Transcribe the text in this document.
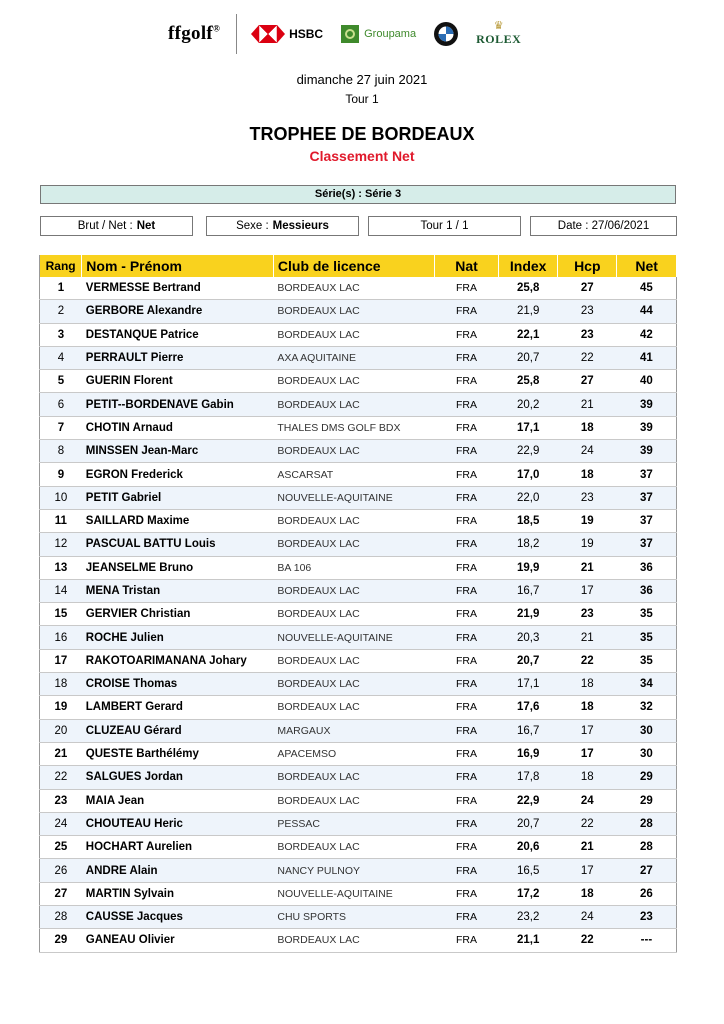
ffgolf®	HSBC	Groupama
♛
ROLEX
dimanche 27 juin 2021
Tour 1
TROPHEE DE BORDEAUX
Classement Net
Série(s) : Série 3
Brut / Net : Net	Sexe : Messieurs	Tour 1 / 1	Date : 27/06/2021
Rang	Nom - Prénom	Club de licence	Nat	Index	Hcp	Net
1	VERMESSE Bertrand	BORDEAUX LAC	FRA	25,8	27	45
2	GERBORE Alexandre	BORDEAUX LAC	FRA	21,9	23	44
3	DESTANQUE Patrice	BORDEAUX LAC	FRA	22,1	23	42
4	PERRAULT Pierre	AXA AQUITAINE	FRA	20,7	22	41
5	GUERIN Florent	BORDEAUX LAC	FRA	25,8	27	40
6	PETIT--BORDENAVE Gabin	BORDEAUX LAC	FRA	20,2	21	39
7	CHOTIN Arnaud	THALES DMS GOLF BDX	FRA	17,1	18	39
8	MINSSEN Jean-Marc	BORDEAUX LAC	FRA	22,9	24	39
9	EGRON Frederick	ASCARSAT	FRA	17,0	18	37
10	PETIT Gabriel	NOUVELLE-AQUITAINE	FRA	22,0	23	37
11	SAILLARD Maxime	BORDEAUX LAC	FRA	18,5	19	37
12	PASCUAL BATTU Louis	BORDEAUX LAC	FRA	18,2	19	37
13	JEANSELME Bruno	BA 106	FRA	19,9	21	36
14	MENA Tristan	BORDEAUX LAC	FRA	16,7	17	36
15	GERVIER Christian	BORDEAUX LAC	FRA	21,9	23	35
16	ROCHE Julien	NOUVELLE-AQUITAINE	FRA	20,3	21	35
17	RAKOTOARIMANANA Johary	BORDEAUX LAC	FRA	20,7	22	35
18	CROISE Thomas	BORDEAUX LAC	FRA	17,1	18	34
19	LAMBERT Gerard	BORDEAUX LAC	FRA	17,6	18	32
20	CLUZEAU Gérard	MARGAUX	FRA	16,7	17	30
21	QUESTE Barthélémy	APACEMSO	FRA	16,9	17	30
22	SALGUES Jordan	BORDEAUX LAC	FRA	17,8	18	29
23	MAIA Jean	BORDEAUX LAC	FRA	22,9	24	29
24	CHOUTEAU Heric	PESSAC	FRA	20,7	22	28
25	HOCHART Aurelien	BORDEAUX LAC	FRA	20,6	21	28
26	ANDRE Alain	NANCY PULNOY	FRA	16,5	17	27
27	MARTIN Sylvain	NOUVELLE-AQUITAINE	FRA	17,2	18	26
28	CAUSSE Jacques	CHU SPORTS	FRA	23,2	24	23
29	GANEAU Olivier	BORDEAUX LAC	FRA	21,1	22	---
